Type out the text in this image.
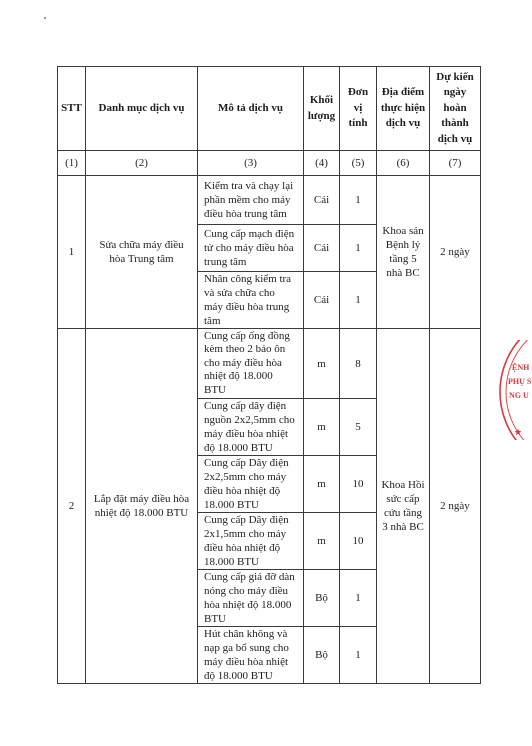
STT	Danh mục dịch vụ	Mô tả dịch vụ	Khối
lượng	Đơn
vị
tính	Địa điểm
thực hiện
dịch vụ	Dự kiến
ngày
hoàn
thành
dịch vụ
(1)	(2)	(3)	(4)	(5)	(6)	(7)
1	Sửa chữa máy điều
hòa Trung tâm	Kiểm tra và chạy lại
phần mềm cho máy
điều hòa trung tâm	Cái	1	Khoa sản
Bệnh lý
tầng 5
nhà BC	2 ngày
		Cung cấp mạch điện
tử cho máy điều hòa
trung tâm	Cái	1		
		Nhân công kiểm tra
và sửa chữa cho
máy điều hòa trung
tâm	Cái	1		
2	Lắp đặt máy điều hòa
nhiệt độ 18.000 BTU	Cung cấp ống đồng
kèm theo 2 bảo ôn
cho máy điều hòa
nhiệt độ 18.000
BTU	m	8	Khoa Hồi
sức cấp
cứu tầng
3 nhà BC	2 ngày
		Cung cấp dây điện
nguồn 2x2,5mm cho
máy điều hòa nhiệt
độ 18.000 BTU	m	5		
		Cung cấp Dây điện
2x2,5mm cho máy
điều hòa nhiệt độ
18.000 BTU	m	10		
		Cung cấp Dây điện
2x1,5mm cho máy
điều hòa nhiệt độ
18.000 BTU	m	10		
		Cung cấp giá đỡ dàn
nóng cho máy điều
hòa nhiệt độ 18.000
BTU	Bộ	1		
		Hút chân không và
nạp ga bổ sung cho
máy điều hòa nhiệt
độ 18.000 BTU	Bộ	1		
ỆNH
PHỤ S
NG U
